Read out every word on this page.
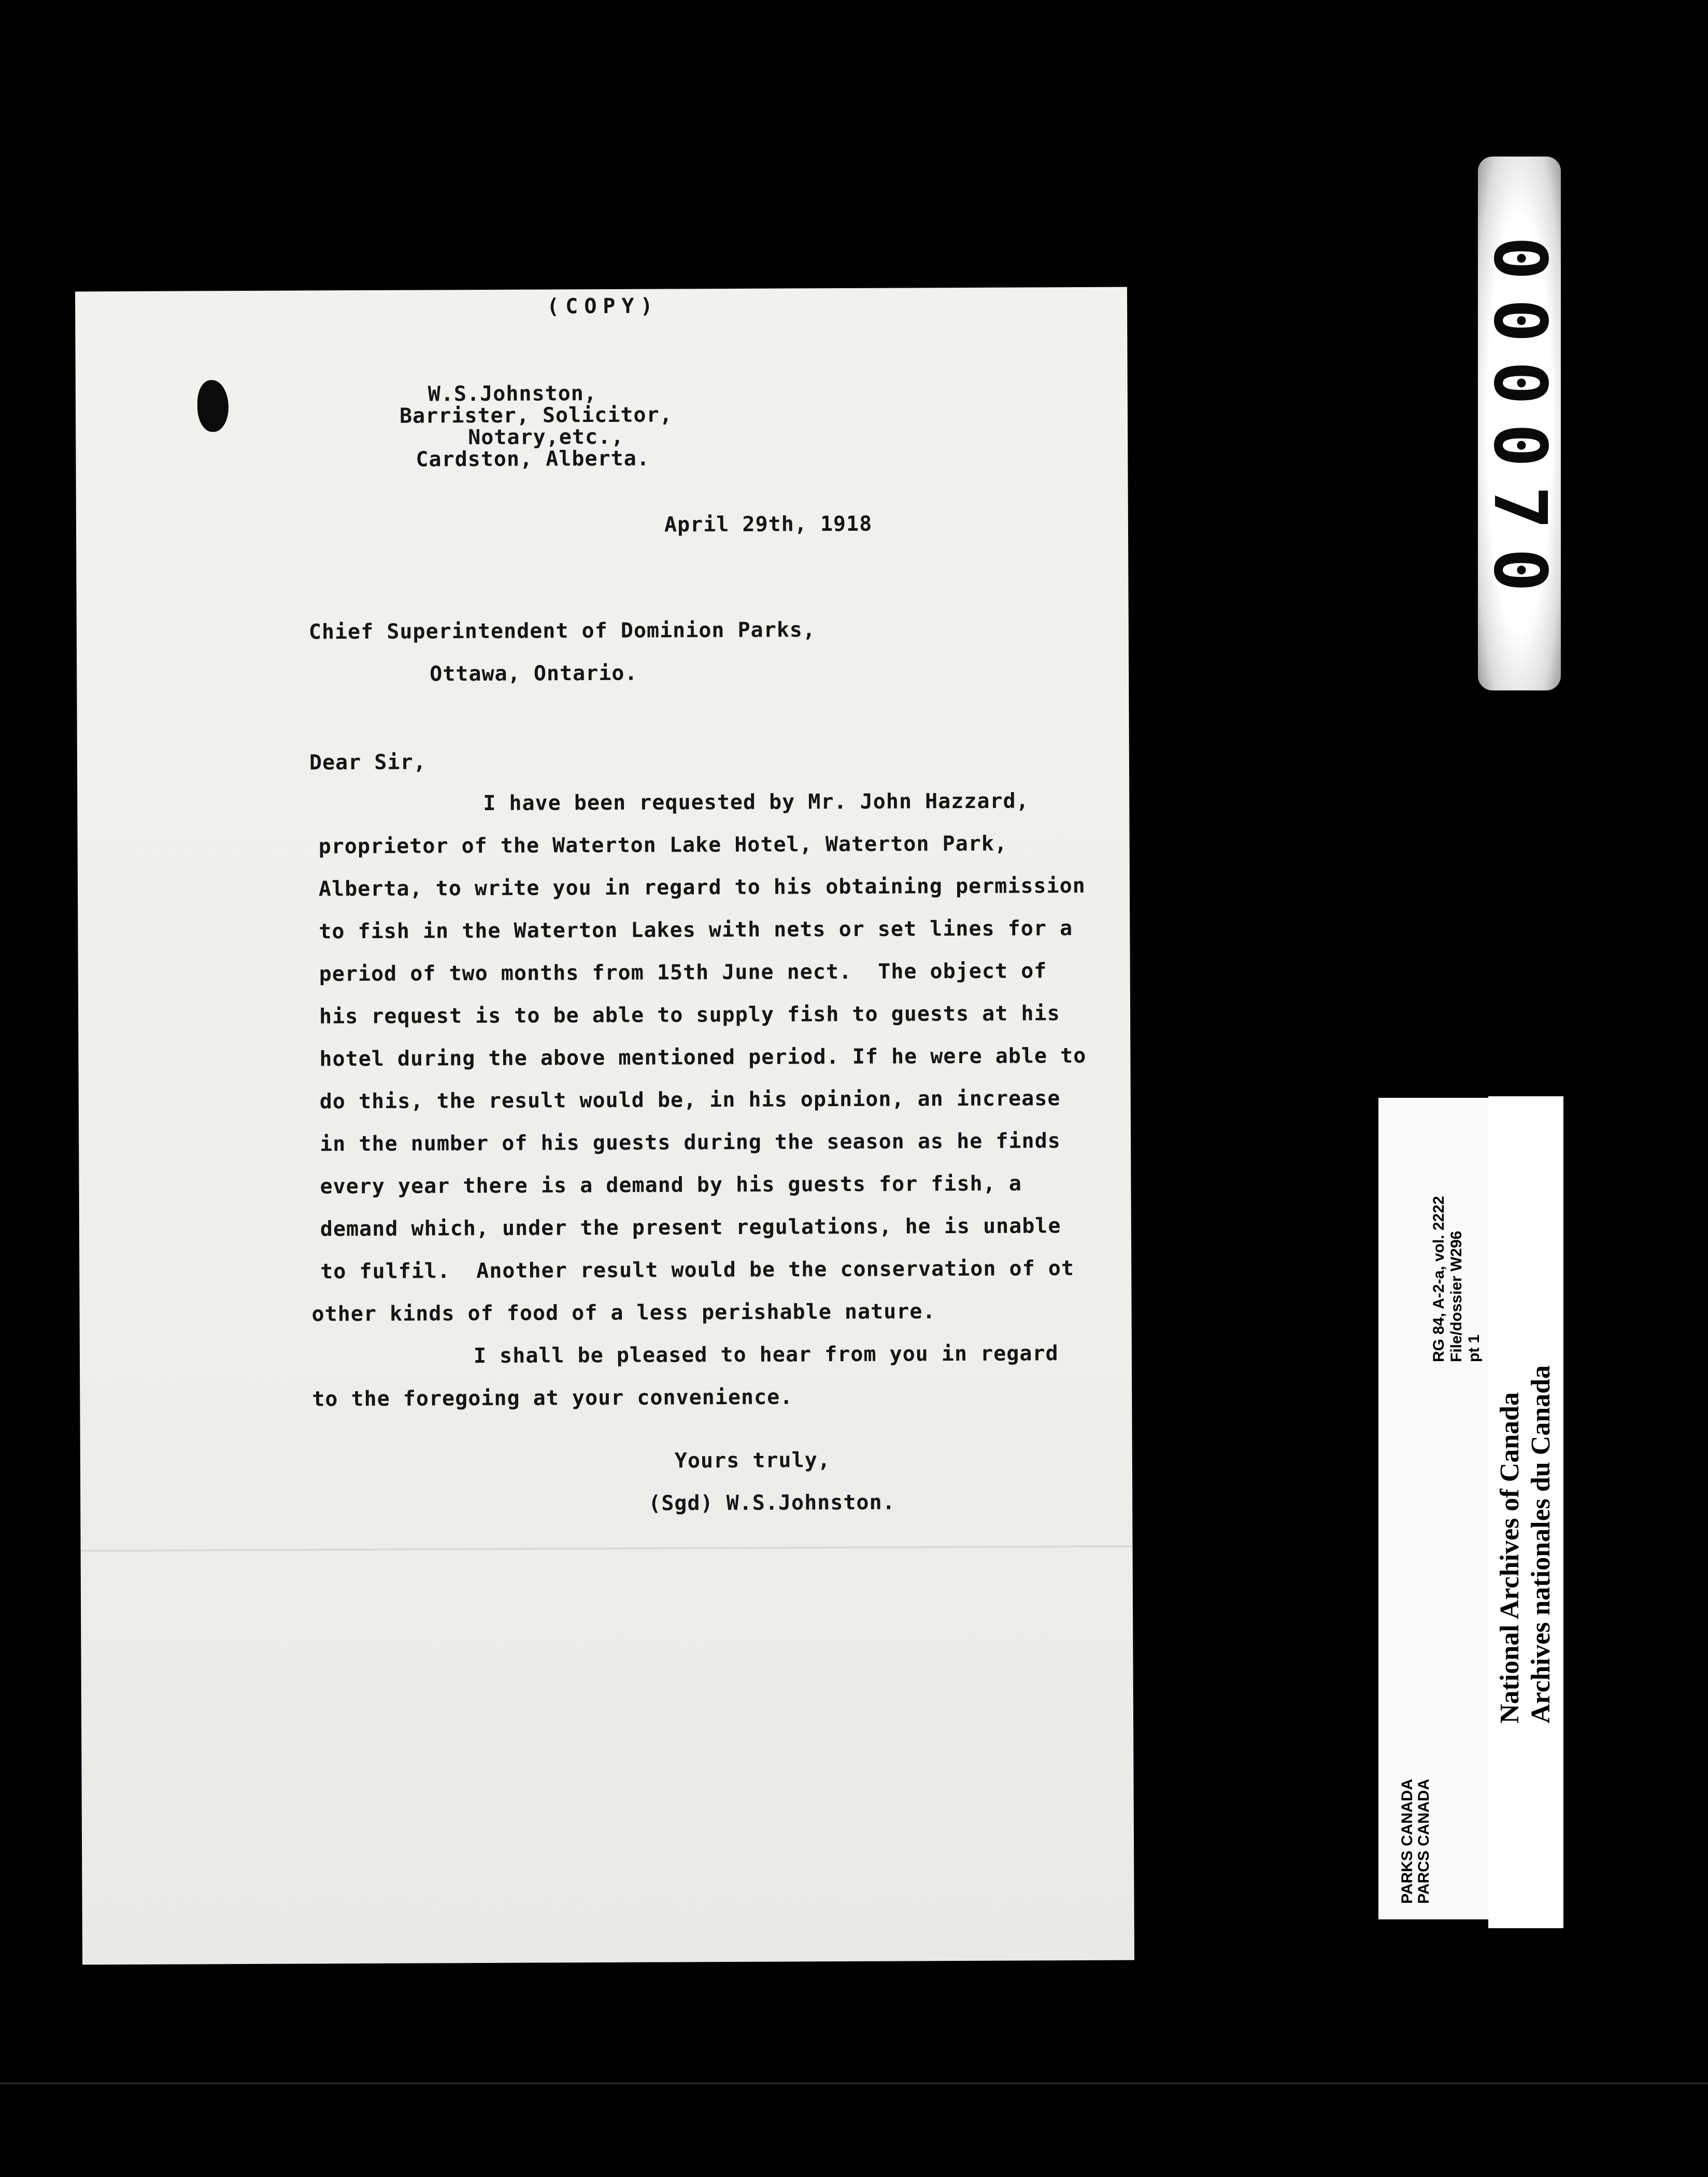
(COPY)
W.S.Johnston,
Barrister, Solicitor,
Notary,etc.,
Cardston, Alberta.
April 29th, 1918
Chief Superintendent of Dominion Parks,
Ottawa, Ontario.
Dear Sir,
I have been requested by Mr. John Hazzard,
proprietor of the Waterton Lake Hotel, Waterton Park,
Alberta, to write you in regard to his obtaining permission
to fish in the Waterton Lakes with nets or set lines for a
period of two months from 15th June nect.  The object of
his request is to be able to supply fish to guests at his
hotel during the above mentioned period. If he were able to
do this, the result would be, in his opinion, an increase
in the number of his guests during the season as he finds
every year there is a demand by his guests for fish, a
demand which, under the present regulations, he is unable
to fulfil.  Another result would be the conservation of ot
other kinds of food of a less perishable nature.
I shall be pleased to hear from you in regard
to the foregoing at your convenience.
Yours truly,
(Sgd) W.S.Johnston.
000070
RG 84, A-2-a, vol. 2222
File/dossier W296
pt 1
PARKS CANADA
PARCS CANADA
National Archives of Canada
Archives nationales du Canada
